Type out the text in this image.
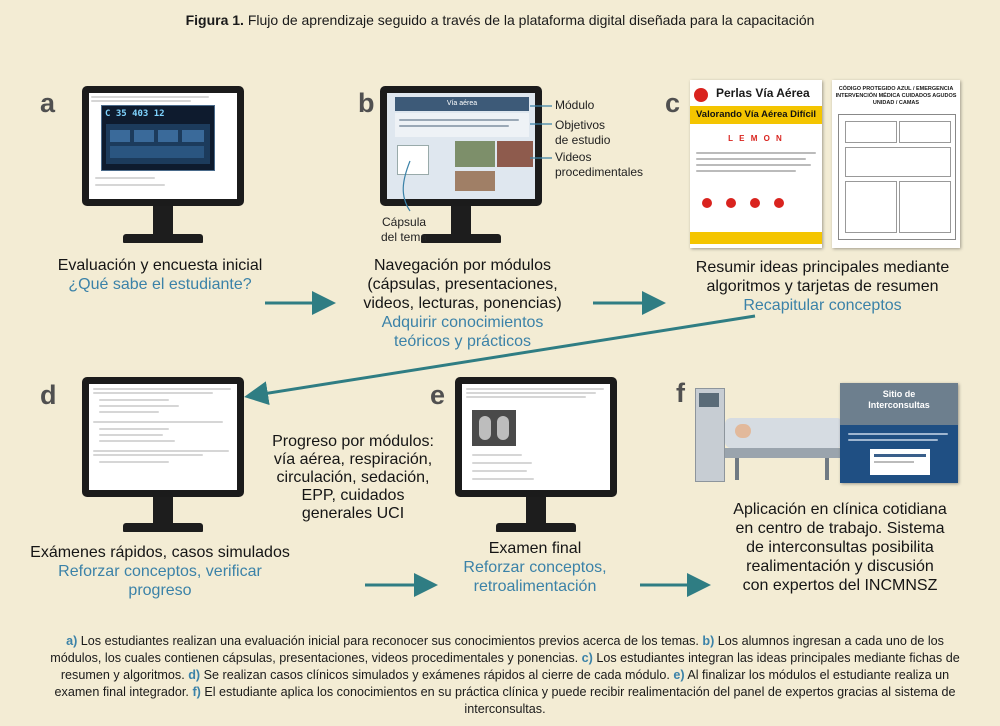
Figura 1. Flujo de aprendizaje seguido a través de la plataforma digital diseñada para la capacitación
a	C 35 403 12
Evaluación y encuesta inicial
¿Qué sabe el estudiante?
b	Vía aérea	Módulo
Objetivos
de estudio
Videos
procedimentales
Cápsula
del tema
Navegación por módulos
(cápsulas, presentaciones,
videos, lecturas, ponencias)
Adquirir conocimientos
teóricos y prácticos
c	Perlas Vía Aérea
Valorando Vía Aérea Difícil
L E M O N
CÓDIGO PROTEGIDO AZUL / EMERGENCIA
INTERVENCIÓN MÉDICA CUIDADOS AGUDOS
UNIDAD / CAMAS
Resumir ideas principales mediante
algoritmos y tarjetas de resumen
Recapitular conceptos
d
Exámenes rápidos, casos simulados
Reforzar conceptos, verificar
progreso
Progreso por módulos:
vía aérea, respiración,
circulación, sedación,
EPP, cuidados
generales UCI
e
Examen final
Reforzar conceptos,
retroalimentación
f	Sitio de
Interconsultas
Aplicación en clínica cotidiana
en centro de trabajo. Sistema
de interconsultas posibilita
realimentación y discusión
con expertos del INCMNSZ
a) Los estudiantes realizan una evaluación inicial para reconocer sus conocimientos previos acerca de los temas. b) Los alumnos ingresan a cada uno de los módulos, los cuales contienen cápsulas, presentaciones, videos procedimentales y ponencias. c) Los estudiantes integran las ideas principales mediante fichas de resumen y algoritmos. d) Se realizan casos clínicos simulados y exámenes rápidos al cierre de cada módulo. e) Al finalizar los módulos el estudiante realiza un examen final integrador. f) El estudiante aplica los conocimientos en su práctica clínica y puede recibir realimentación del panel de expertos gracias al sistema de interconsultas.
